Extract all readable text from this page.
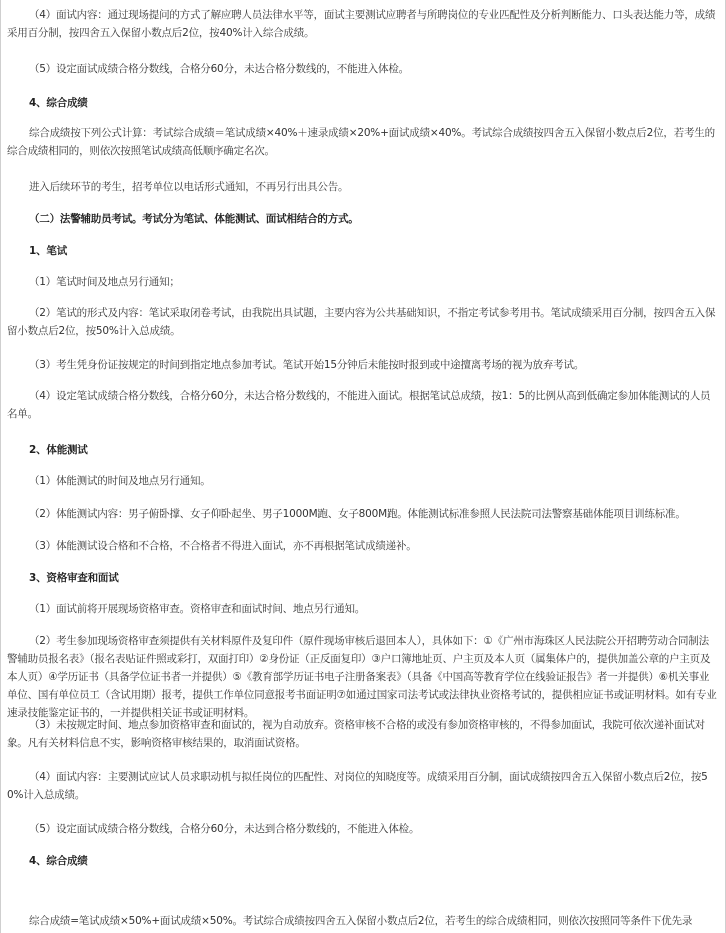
（4）面试内容：通过现场提问的方式了解应聘人员法律水平等，面试主要测试应聘者与所聘岗位的专业匹配性及分析判断能力、口头表达能力等，成绩采用百分制，按四舍五入保留小数点后2位，按40%计入综合成绩。

（5）设定面试成绩合格分数线，合格分60分，未达合格分数线的，不能进入体检。

4、综合成绩

综合成绩按下列公式计算：考试综合成绩＝笔试成绩×40%＋速录成绩×20%+面试成绩×40%。考试综合成绩按四舍五入保留小数点后2位，若考生的综合成绩相同的，则依次按照笔试成绩高低顺序确定名次。

进入后续环节的考生，招考单位以电话形式通知，不再另行出具公告。

（二）法警辅助员考试。考试分为笔试、体能测试、面试相结合的方式。

1、笔试

（1）笔试时间及地点另行通知；

（2）笔试的形式及内容：笔试采取闭卷考试，由我院出具试题，主要内容为公共基础知识，不指定考试参考用书。笔试成绩采用百分制，按四舍五入保留小数点后2位，按50%计入总成绩。

（3）考生凭身份证按规定的时间到指定地点参加考试。笔试开始15分钟后未能按时报到或中途擅离考场的视为放弃考试。

（4）设定笔试成绩合格分数线，合格分60分，未达合格分数线的，不能进入面试。根据笔试总成绩，按1：5的比例从高到低确定参加体能测试的人员名单。

2、体能测试

（1）体能测试的时间及地点另行通知。

（2）体能测试内容：男子俯卧撑、女子仰卧起坐、男子1000M跑、女子800M跑。体能测试标准参照人民法院司法警察基础体能项目训练标准。

（3）体能测试设合格和不合格，不合格者不得进入面试，亦不再根据笔试成绩递补。

3、资格审查和面试

（1）面试前将开展现场资格审查。资格审查和面试时间、地点另行通知。

（2）考生参加现场资格审查须提供有关材料原件及复印件（原件现场审核后退回本人），具体如下：①《广州市海珠区人民法院公开招聘劳动合同制法警辅助员报名表》（报名表贴证件照或彩打，双面打印）②身份证（正反面复印）③户口簿地址页、户主页及本人页（属集体户的，提供加盖公章的户主页及本人页）④学历证书（具备学位证书者一并提供）⑤《教育部学历证书电子注册备案表》（具备《中国高等教育学位在线验证报告》者一并提供）⑥机关事业单位、国有单位员工（含试用期）报考，提供工作单位同意报考书面证明⑦如通过国家司法考试或法律执业资格考试的，提供相应证书或证明材料。如有专业速录技能鉴定证书的，一并提供相关证书或证明材料。

（3）未按规定时间、地点参加资格审查和面试的，视为自动放弃。资格审核不合格的或没有参加资格审核的，不得参加面试，我院可依次递补面试对象。凡有关材料信息不实，影响资格审核结果的，取消面试资格。

（4）面试内容：主要测试应试人员求职动机与拟任岗位的匹配性、对岗位的知晓度等。成绩采用百分制，面试成绩按四舍五入保留小数点后2位，按50%计入总成绩。

（5）设定面试成绩合格分数线，合格分60分，未达到合格分数线的，不能进入体检。

4、综合成绩

综合成绩=笔试成绩×50%+面试成绩×50%。考试综合成绩按四舍五入保留小数点后2位，若考生的综合成绩相同，则依次按照同等条件下优先录
